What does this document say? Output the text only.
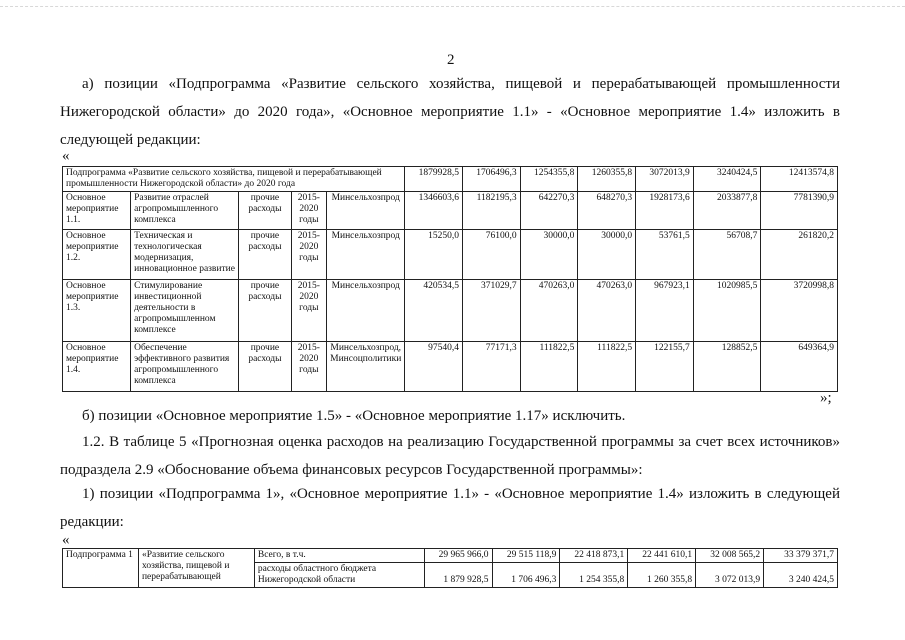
2

а) позиции «Подпрограмма «Развитие сельского хозяйства, пищевой и перерабатывающей промышленности Нижегородской области» до 2020 года», «Основное мероприятие 1.1» - «Основное мероприятие 1.4» изложить в следующей редакции:

«
Подпрограмма «Развитие сельского хозяйства, пищевой и перерабатывающей промышленности Нижегородской области» до 2020 года					1879928,5	1706496,3	1254355,8	1260355,8	3072013,9	3240424,5	12413574,8
Основное мероприятие 1.1.	Развитие отраслей агропромышленного комплекса	прочие расходы	2015-2020 годы	Минсельхозпрод	1346603,6	1182195,3	642270,3	648270,3	1928173,6	2033877,8	7781390,9
Основное мероприятие 1.2.	Техническая и технологическая модернизация, инновационное развитие	прочие расходы	2015-2020 годы	Минсельхозпрод	15250,0	76100,0	30000,0	30000,0	53761,5	56708,7	261820,2
Основное мероприятие 1.3.	Стимулирование инвестиционной деятельности в агропромышленном комплексе	прочие расходы	2015-2020 годы	Минсельхозпрод	420534,5	371029,7	470263,0	470263,0	967923,1	1020985,5	3720998,8
Основное мероприятие 1.4.	Обеспечение эффективного развития агропромышленного комплекса	прочие расходы	2015-2020 годы	Минсельхозпрод, Минсоцполитики	97540,4	77171,3	111822,5	111822,5	122155,7	128852,5	649364,9
»;

б) позиции «Основное мероприятие 1.5» - «Основное мероприятие 1.17» исключить.

1.2. В таблице 5 «Прогнозная оценка расходов на реализацию Государственной программы за счет всех источников» подраздела 2.9 «Обоснование объема финансовых ресурсов Государственной программы»:

1) позиции «Подпрограмма 1», «Основное мероприятие 1.1» - «Основное мероприятие 1.4» изложить в следующей редакции:

«
Подпрограмма 1	«Развитие сельского хозяйства, пищевой и перерабатывающей	Всего, в т.ч.	29 965 966,0	29 515 118,9	22 418 873,1	22 441 610,1	32 008 565,2	33 379 371,7
		расходы областного бюджета Нижегородской области	1 879 928,5	1 706 496,3	1 254 355,8	1 260 355,8	3 072 013,9	3 240 424,5
